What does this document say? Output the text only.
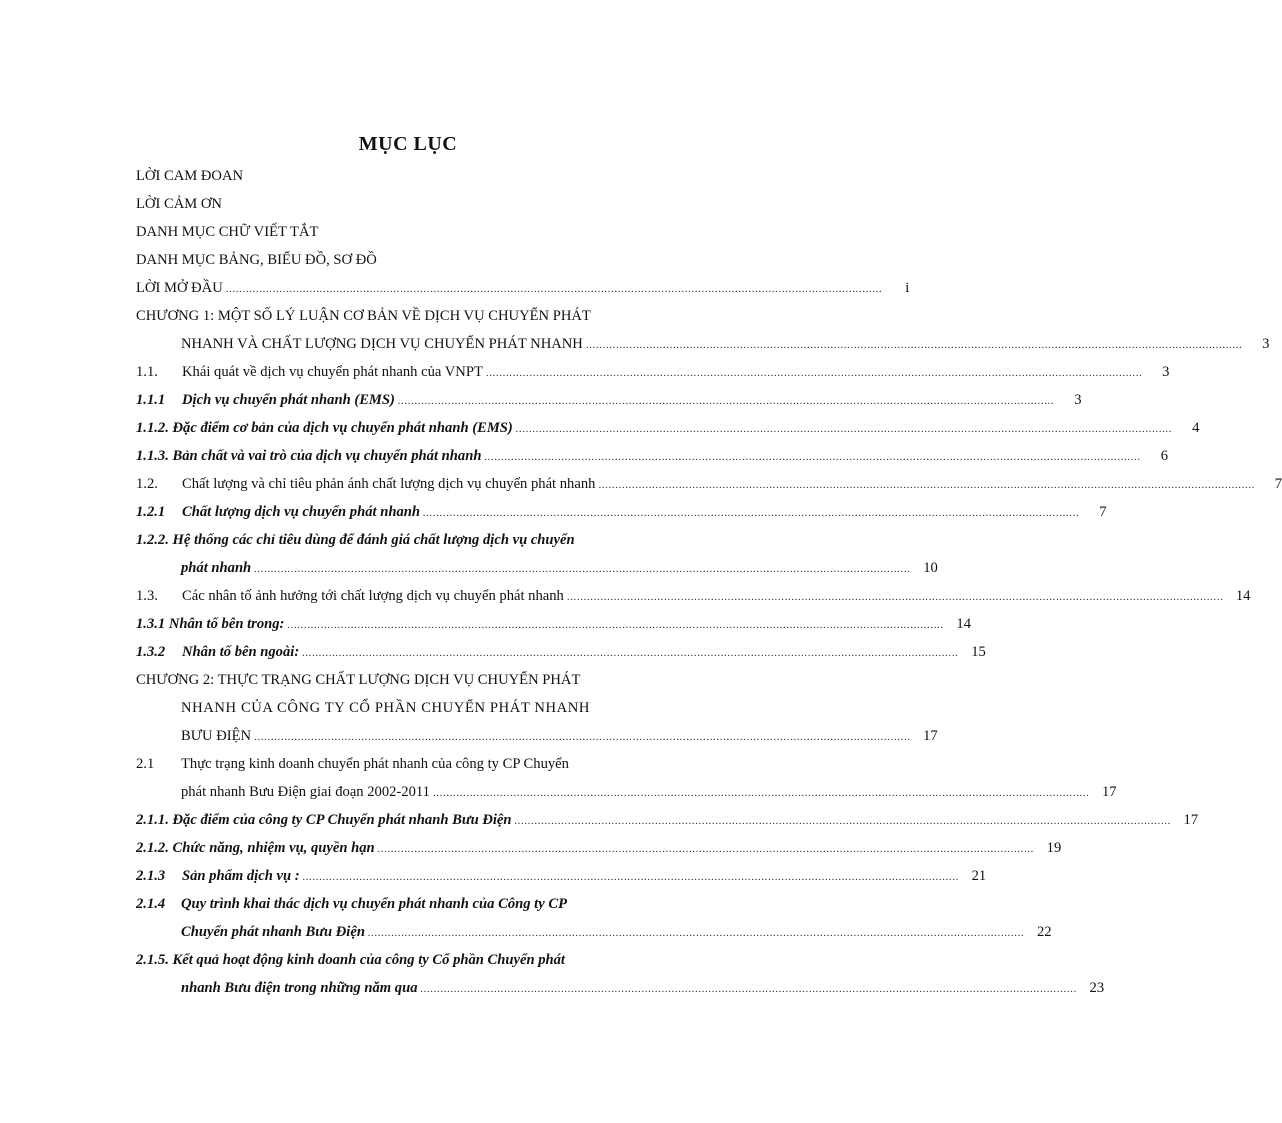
MỤC LỤC
LỜI CAM ĐOAN
LỜI CẢM ƠN
DANH MỤC CHỮ VIẾT TẮT
DANH MỤC BẢNG, BIỂU ĐỒ, SƠ ĐỒ
LỜI MỞ ĐẦU ....................................................................................................................................................................................................	i
CHƯƠNG 1: MỘT SỐ LÝ LUẬN CƠ BẢN VỀ DỊCH VỤ CHUYỂN PHÁT
NHANH VÀ CHẤT LƯỢNG DỊCH VỤ CHUYỂN PHÁT NHANH ....................................................................................................................................................................................................	3
1.1.	Khái quát về dịch vụ chuyển phát nhanh của VNPT ....................................................................................................................................................................................................	3
1.1.1	Dịch vụ chuyển phát nhanh (EMS) ....................................................................................................................................................................................................	3
1.1.2. Đặc điểm cơ bản của dịch vụ chuyển phát nhanh (EMS) ....................................................................................................................................................................................................	4
1.1.3. Bản chất và vai trò của dịch vụ chuyển phát nhanh ....................................................................................................................................................................................................	6
1.2.	Chất lượng và chỉ tiêu phản ánh chất lượng dịch vụ chuyển phát nhanh ....................................................................................................................................................................................................	7
1.2.1	Chất lượng dịch vụ chuyển phát nhanh ....................................................................................................................................................................................................	7
1.2.2. Hệ thống các chỉ tiêu dùng để đánh giá chất lượng dịch vụ chuyển
phát nhanh .................................................................................................................................................................................................... 10
1.3.	Các nhân tố ảnh hưởng tới chất lượng dịch vụ chuyển phát nhanh .................................................................................................................................................................................................... 14
1.3.1 Nhân tố bên trong: .................................................................................................................................................................................................... 14
1.3.2	Nhân tố bên ngoài: .................................................................................................................................................................................................... 15
CHƯƠNG 2: THỰC TRẠNG CHẤT LƯỢNG DỊCH VỤ CHUYỂN PHÁT
NHANH CỦA CÔNG TY CỔ PHẦN CHUYỂN PHÁT NHANH
BƯU ĐIỆN .................................................................................................................................................................................................... 17
2.1	Thực trạng kinh doanh chuyển phát nhanh của công ty CP Chuyển
phát nhanh Bưu Điện giai đoạn 2002-2011 .................................................................................................................................................................................................... 17
2.1.1. Đặc điểm của công ty CP Chuyển phát nhanh Bưu Điện .................................................................................................................................................................................................... 17
2.1.2. Chức năng, nhiệm vụ, quyền hạn .................................................................................................................................................................................................... 19
2.1.3	Sản phẩm dịch vụ : .................................................................................................................................................................................................... 21
2.1.4	Quy trình khai thác dịch vụ chuyển phát nhanh của Công ty CP
Chuyển phát nhanh Bưu Điện .................................................................................................................................................................................................... 22
2.1.5. Kết quả hoạt động kinh doanh của công ty Cổ phần Chuyển phát
nhanh Bưu điện trong những năm qua .................................................................................................................................................................................................... 23
